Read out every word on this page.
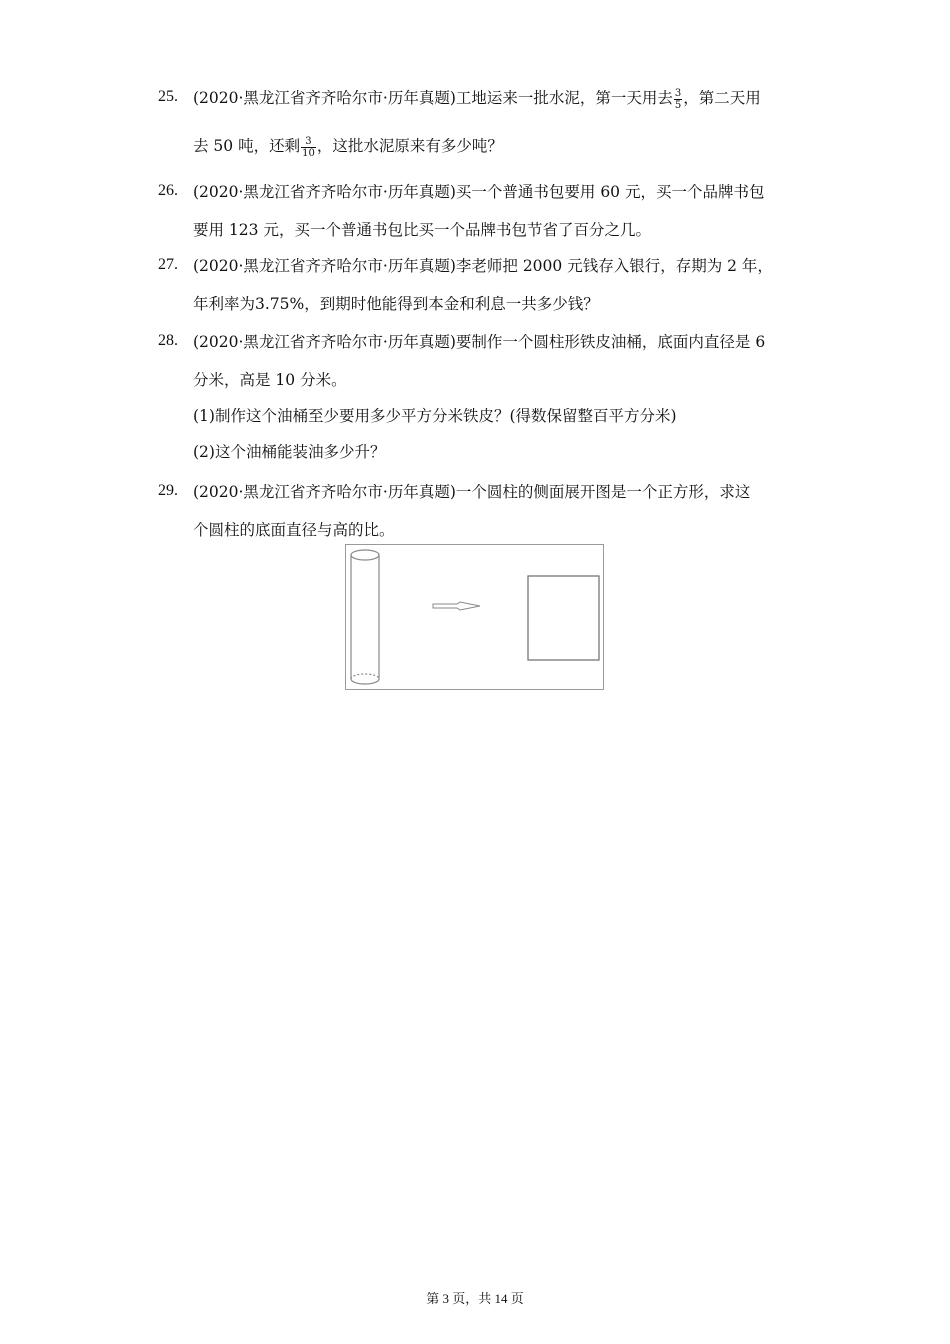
25. (2020·黑龙江省齐齐哈尔市·历年真题)工地运来一批水泥，第一天用去 $\frac{3}{5}$ ，第二天用
去 50 吨，还剩 $\frac{3}{10}$ ，这批水泥原来有多少吨？
26. (2020·黑龙江省齐齐哈尔市·历年真题)买一个普通书包要用 60 元，买一个品牌书包
要用 123 元，买一个普通书包比买一个品牌书包节省了百分之几。
27. (2020·黑龙江省齐齐哈尔市·历年真题)李老师把 2000 元钱存入银行，存期为 2 年，
年利率为3.75%，到期时他能得到本金和利息一共多少钱？
28. (2020·黑龙江省齐齐哈尔市·历年真题)要制作一个圆柱形铁皮油桶，底面内直径是 6
分米，高是 10 分米。
(1)制作这个油桶至少要用多少平方分米铁皮？(得数保留整百平方分米)
(2)这个油桶能装油多少升？
29. (2020·黑龙江省齐齐哈尔市·历年真题)一个圆柱的侧面展开图是一个正方形，求这
个圆柱的底面直径与高的比。
第 3 页，共 14 页
